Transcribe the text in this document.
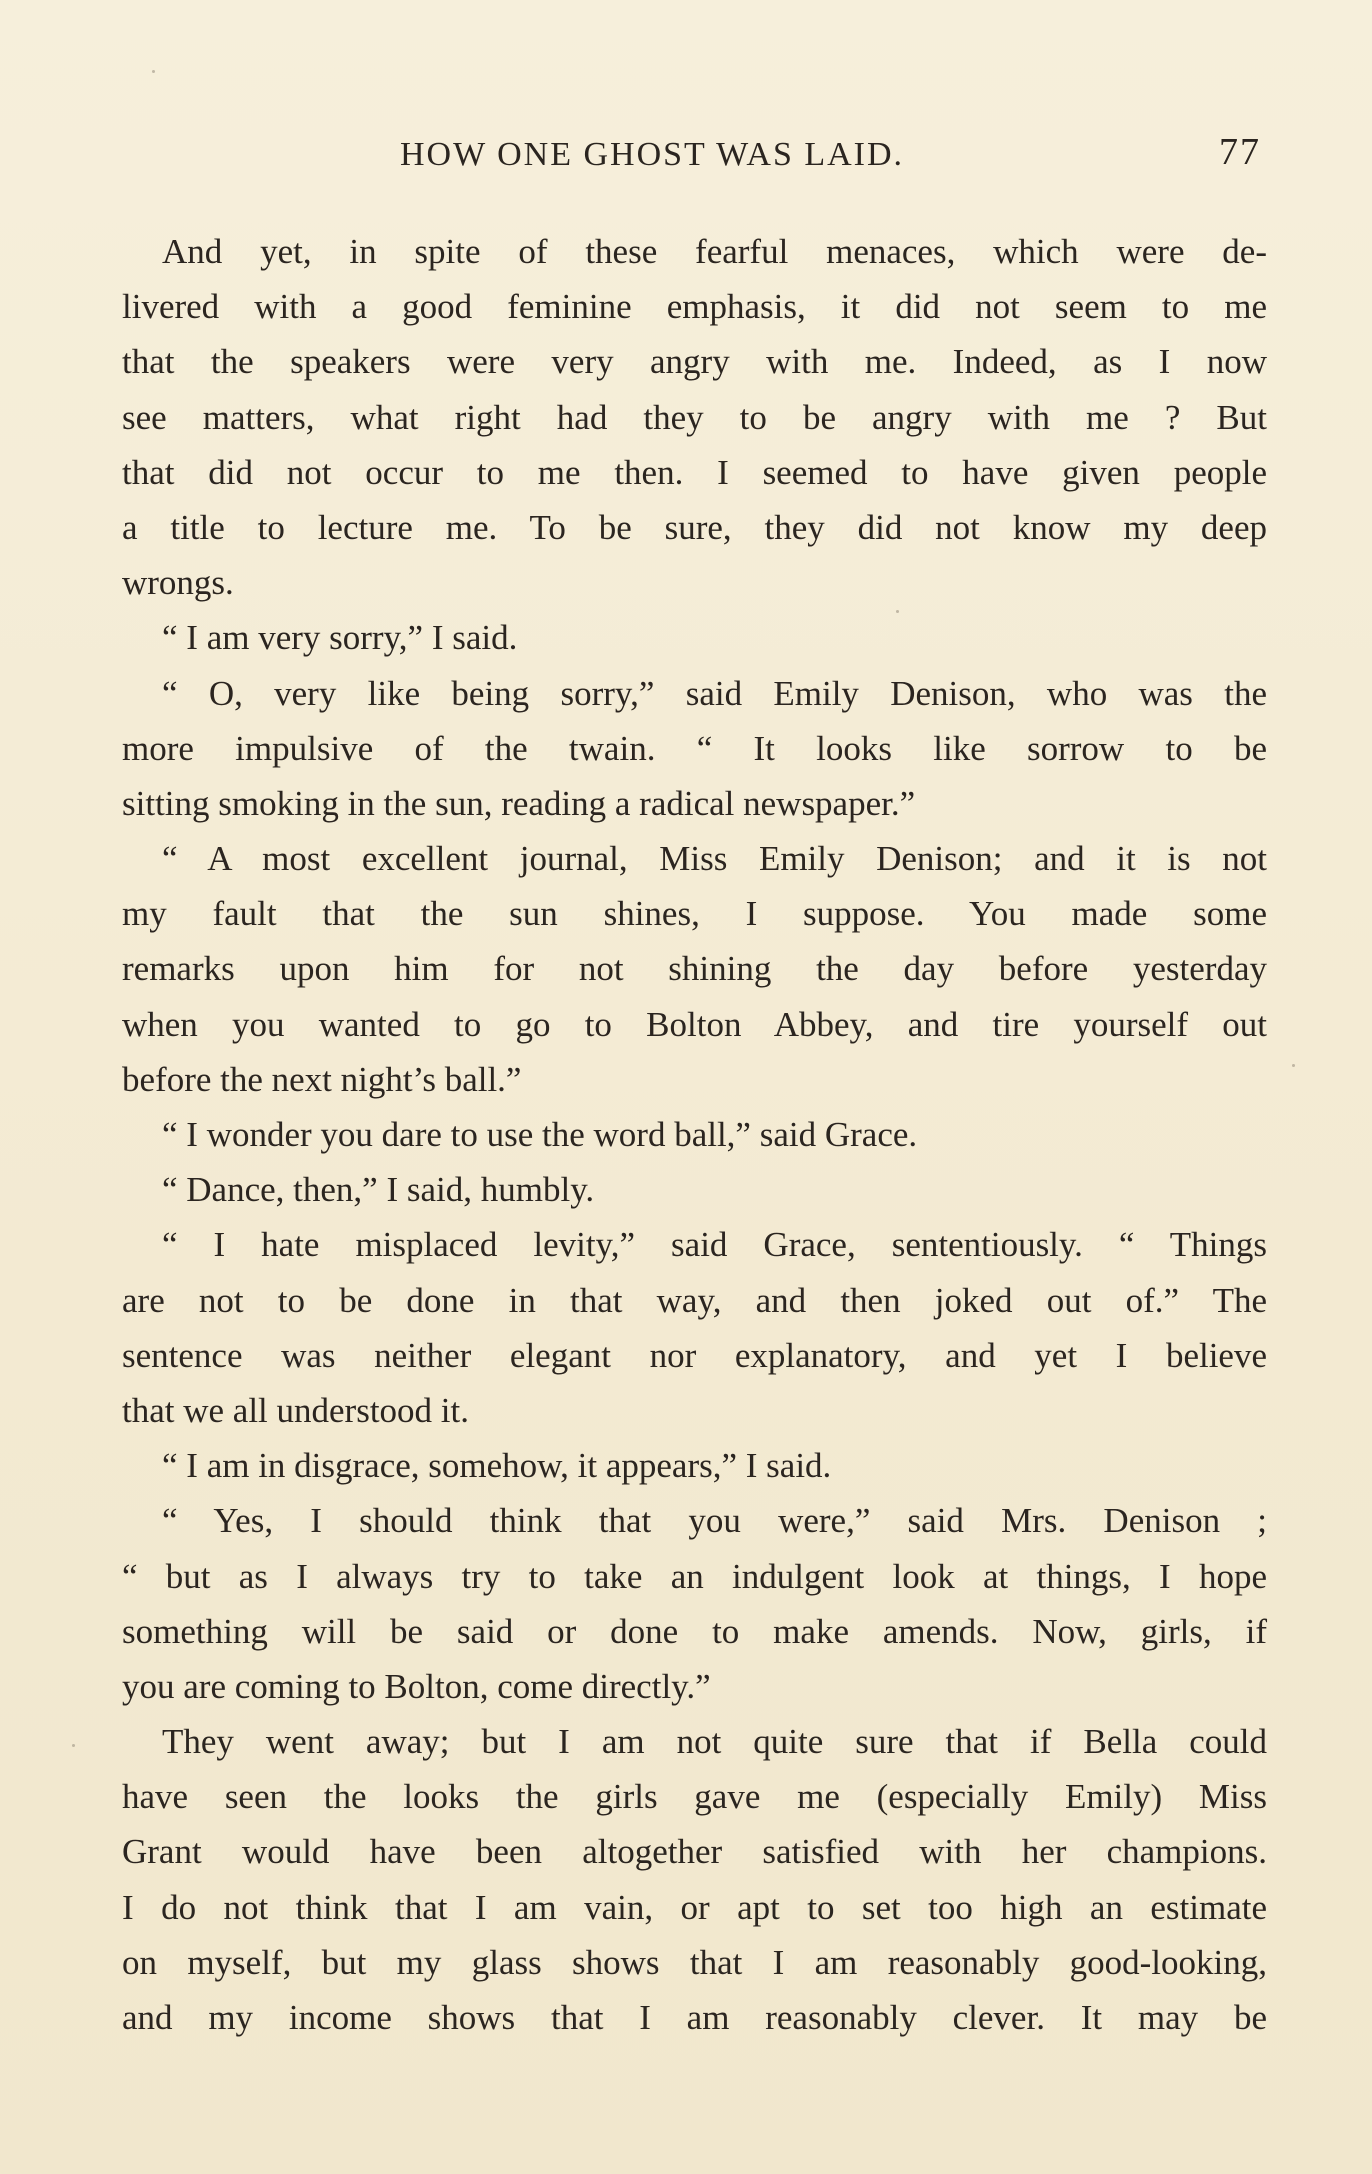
HOW ONE GHOST WAS LAID.	77
And yet, in spite of these fearful menaces, which were de-
livered with a good feminine emphasis, it did not seem to me
that the speakers were very angry with me. Indeed, as I now
see matters, what right had they to be angry with me ? But
that did not occur to me then. I seemed to have given people
a title to lecture me. To be sure, they did not know my deep
wrongs.
“ I am very sorry,” I said.
“ O, very like being sorry,” said Emily Denison, who was the
more impulsive of the twain. “ It looks like sorrow to be
sitting smoking in the sun, reading a radical newspaper.”
“ A most excellent journal, Miss Emily Denison; and it is not
my fault that the sun shines, I suppose. You made some
remarks upon him for not shining the day before yesterday
when you wanted to go to Bolton Abbey, and tire yourself out
before the next night’s ball.”
“ I wonder you dare to use the word ball,” said Grace.
“ Dance, then,” I said, humbly.
“ I hate misplaced levity,” said Grace, sententiously. “ Things
are not to be done in that way, and then joked out of.” The
sentence was neither elegant nor explanatory, and yet I believe
that we all understood it.
“ I am in disgrace, somehow, it appears,” I said.
“ Yes, I should think that you were,” said Mrs. Denison ;
“ but as I always try to take an indulgent look at things, I hope
something will be said or done to make amends. Now, girls, if
you are coming to Bolton, come directly.”
They went away; but I am not quite sure that if Bella could
have seen the looks the girls gave me (especially Emily) Miss
Grant would have been altogether satisfied with her champions.
I do not think that I am vain, or apt to set too high an estimate
on myself, but my glass shows that I am reasonably good-looking,
and my income shows that I am reasonably clever. It may be
